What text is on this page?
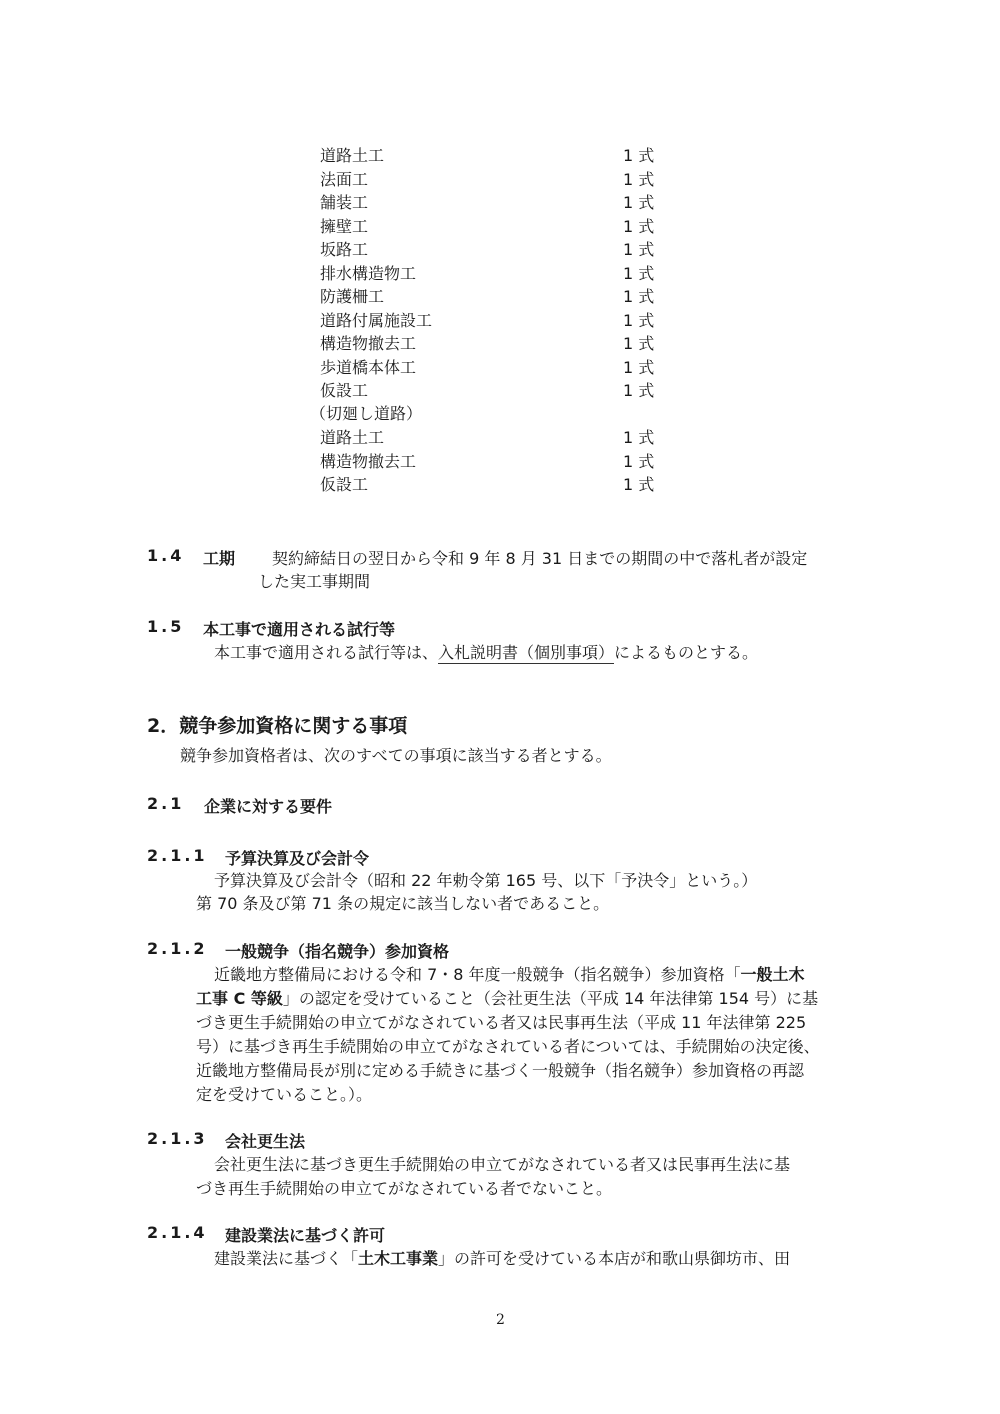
道路土工	1 式
法面工	1 式
舗装工	1 式
擁壁工	1 式
坂路工	1 式
排水構造物工	1 式
防護柵工	1 式
道路付属施設工	1 式
構造物撤去工	1 式
歩道橋本体工	1 式
仮設工	1 式
（切廻し道路）
道路土工	1 式
構造物撤去工	1 式
仮設工	1 式
1.4 工期 契約締結日の翌日から令和 9 年 8 月 31 日までの期間の中で落札者が設定
した実工事期間
1.5 本工事で適用される試行等
本工事で適用される試行等は、入札説明書（個別事項）によるものとする。
2．競争参加資格に関する事項
競争参加資格者は、次のすべての事項に該当する者とする。
2.1 企業に対する要件
2.1.1 予算決算及び会計令
予算決算及び会計令（昭和 22 年勅令第 165 号、以下「予決令」という。）
第 70 条及び第 71 条の規定に該当しない者であること。
2.1.2 一般競争（指名競争）参加資格
近畿地方整備局における令和 7・8 年度一般競争（指名競争）参加資格「一般土木
工事 C 等級」の認定を受けていること（会社更生法（平成 14 年法律第 154 号）に基
づき更生手続開始の申立てがなされている者又は民事再生法（平成 11 年法律第 225
号）に基づき再生手続開始の申立てがなされている者については、手続開始の決定後、
近畿地方整備局長が別に定める手続きに基づく一般競争（指名競争）参加資格の再認
定を受けていること。）。
2.1.3 会社更生法
会社更生法に基づき更生手続開始の申立てがなされている者又は民事再生法に基
づき再生手続開始の申立てがなされている者でないこと。
2.1.4 建設業法に基づく許可
建設業法に基づく「土木工事業」の許可を受けている本店が和歌山県御坊市、田
2
